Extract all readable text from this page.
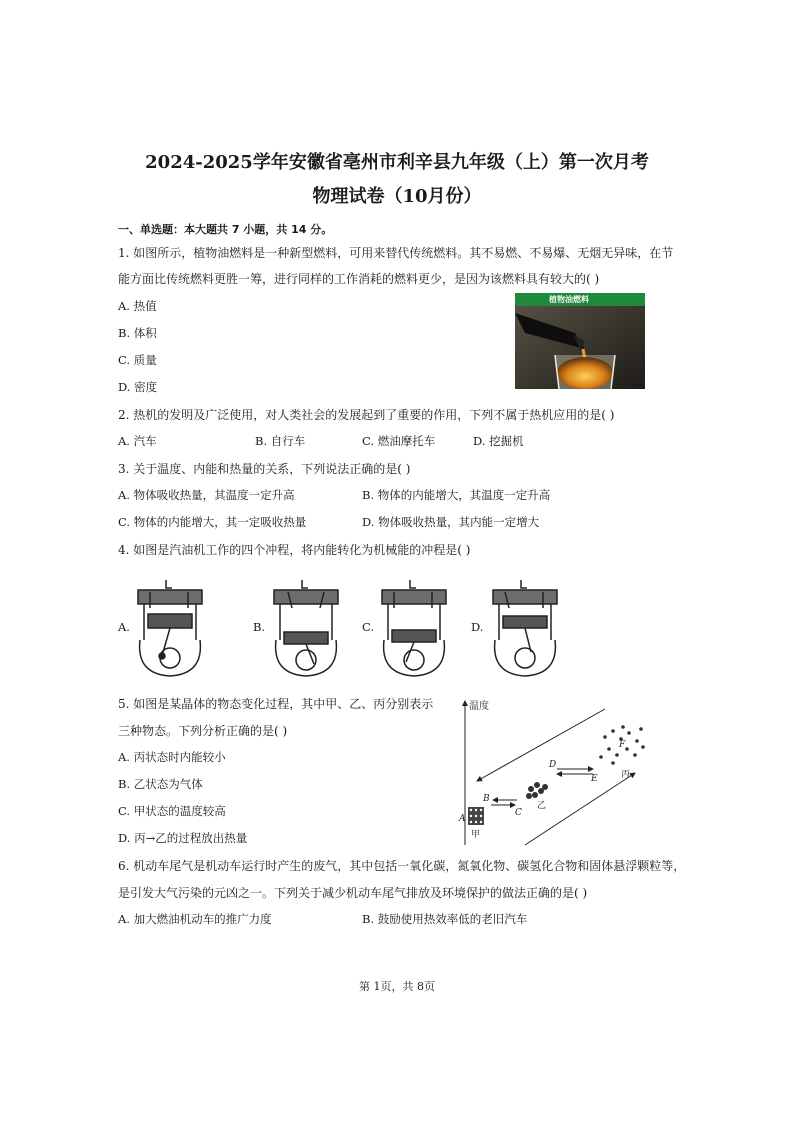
2024-2025学年安徽省亳州市利辛县九年级（上）第一次月考
物理试卷（10月份）
一、单选题：本大题共 7 小题，共 14 分。
1. 如图所示，植物油燃料是一种新型燃料，可用来替代传统燃料。其不易燃、不易爆、无烟无异味，在节
能方面比传统燃料更胜一筹，进行同样的工作消耗的燃料更少，是因为该燃料具有较大的( )
A. 热值
B. 体积
C. 质量
D. 密度
植物油燃料
2. 热机的发明及广泛使用，对人类社会的发展起到了重要的作用，下列不属于热机应用的是( )
A. 汽车	B. 自行车	C. 燃油摩托车	D. 挖掘机
3. 关于温度、内能和热量的关系，下列说法正确的是( )
A. 物体吸收热量，其温度一定升高	B. 物体的内能增大，其温度一定升高
C. 物体的内能增大，其一定吸收热量	D. 物体吸收热量，其内能一定增大
4. 如图是汽油机工作的四个冲程，将内能转化为机械能的冲程是( )
A.	B.	C.	D.
5. 如图是某晶体的物态变化过程，其中甲、乙、丙分别表示
三种物态。下列分析正确的是( )
A. 丙状态时内能较小
B. 乙状态为气体
C. 甲状态的温度较高
D. 丙→乙的过程放出热量
温度
A
甲
B
C
乙
D
E
F
丙
6. 机动车尾气是机动车运行时产生的废气，其中包括一氧化碳，氮氧化物、碳氢化合物和固体悬浮颗粒等，
是引发大气污染的元凶之一。下列关于减少机动车尾气排放及环境保护的做法正确的是( )
A. 加大燃油机动车的推广力度	B. 鼓励使用热效率低的老旧汽车
第 1页，共 8页
